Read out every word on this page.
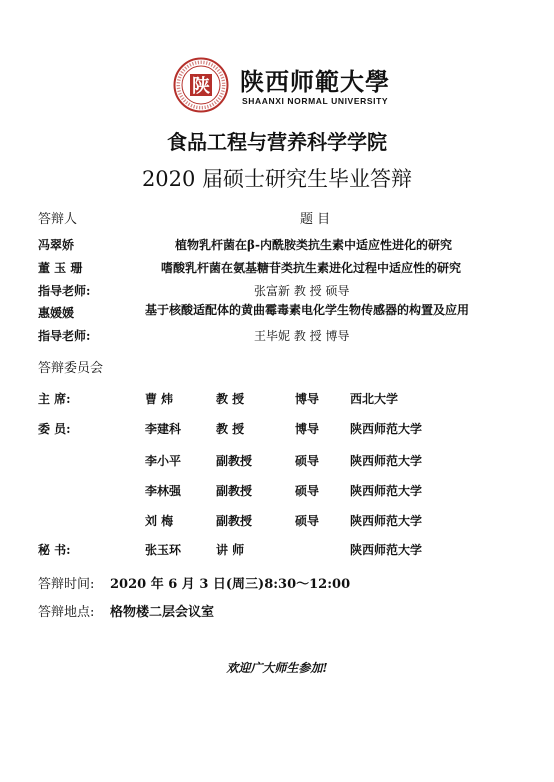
陕 陕西师範大學
SHAANXI NORMAL UNIVERSITY
食品工程与营养科学学院
2020 届硕士研究生毕业答辩
答辩人	题 目
冯翠娇	植物乳杆菌在β-内酰胺类抗生素中适应性进化的研究
董 玉 珊	嗜酸乳杆菌在氨基糖苷类抗生素进化过程中适应性的研究
指导老师:	张富新 教 授 硕导
惠媛媛	基于核酸适配体的黄曲霉毒素电化学生物传感器的构置及应用
指导老师:	王毕妮 教 授 博导
答辩委员会
主 席:	曹 炜	教 授	博导	西北大学
委 员:	李建科	教 授	博导	陕西师范大学
李小平	副教授	硕导	陕西师范大学
李林强	副教授	硕导	陕西师范大学
刘 梅	副教授	硕导	陕西师范大学
秘 书:	张玉环	讲 师	陕西师范大学
答辩时间: 2020 年 6 月 3 日(周三)8:30～12:00
答辩地点: 格物楼二层会议室
欢迎广大师生参加!
